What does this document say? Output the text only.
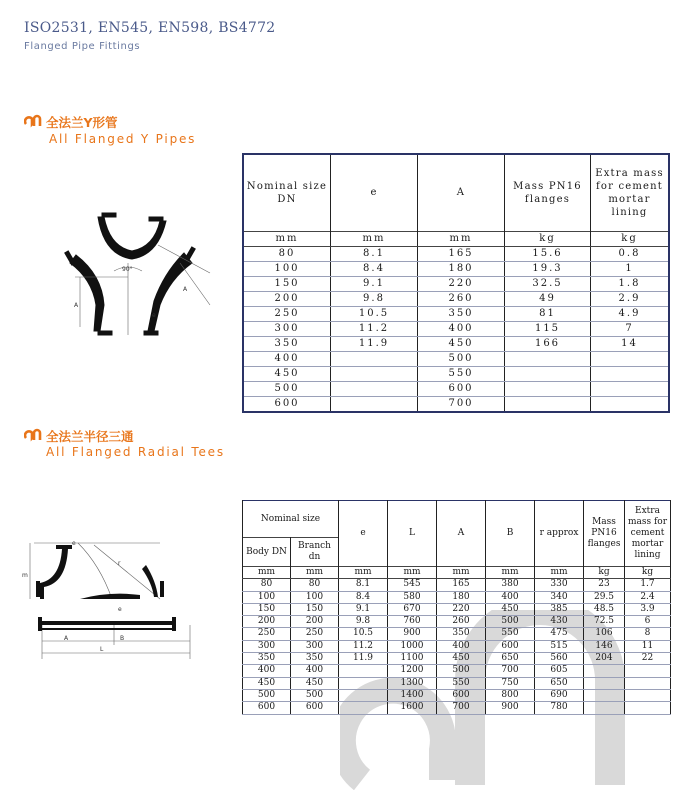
ISO2531, EN545, EN598, BS4772
Flanged Pipe Fittings
全法兰Y形管
All Flanged Y Pipes
90°
A
A
e
Nominal size DN	e	A	Mass PN16 flanges	Extra mass for cement mortar lining
mm	mm	mm	kg	kg
80	8.1	165	15.6	0.8
100	8.4	180	19.3	1
150	9.1	220	32.5	1.8
200	9.8	260	49	2.9
250	10.5	350	81	4.9
300	11.2	400	115	7
350	11.9	450	166	14
400		500		
450		550		
500		600		
600		700		
全法兰半径三通
All Flanged Radial Tees
m
e
r
e
A	B
L
Nominal size		e	L	A	B	r approx	Mass PN16 flanges	Extra mass for cement mortar lining
Body DN	Branch dn							
mm	mm	mm	mm	mm	mm	mm	kg	kg
80	80	8.1	545	165	380	330	23	1.7
100	100	8.4	580	180	400	340	29.5	2.4
150	150	9.1	670	220	450	385	48.5	3.9
200	200	9.8	760	260	500	430	72.5	6
250	250	10.5	900	350	550	475	106	8
300	300	11.2	1000	400	600	515	146	11
350	350	11.9	1100	450	650	560	204	22
400	400		1200	500	700	605		
450	450		1300	550	750	650		
500	500		1400	600	800	690		
600	600		1600	700	900	780		
